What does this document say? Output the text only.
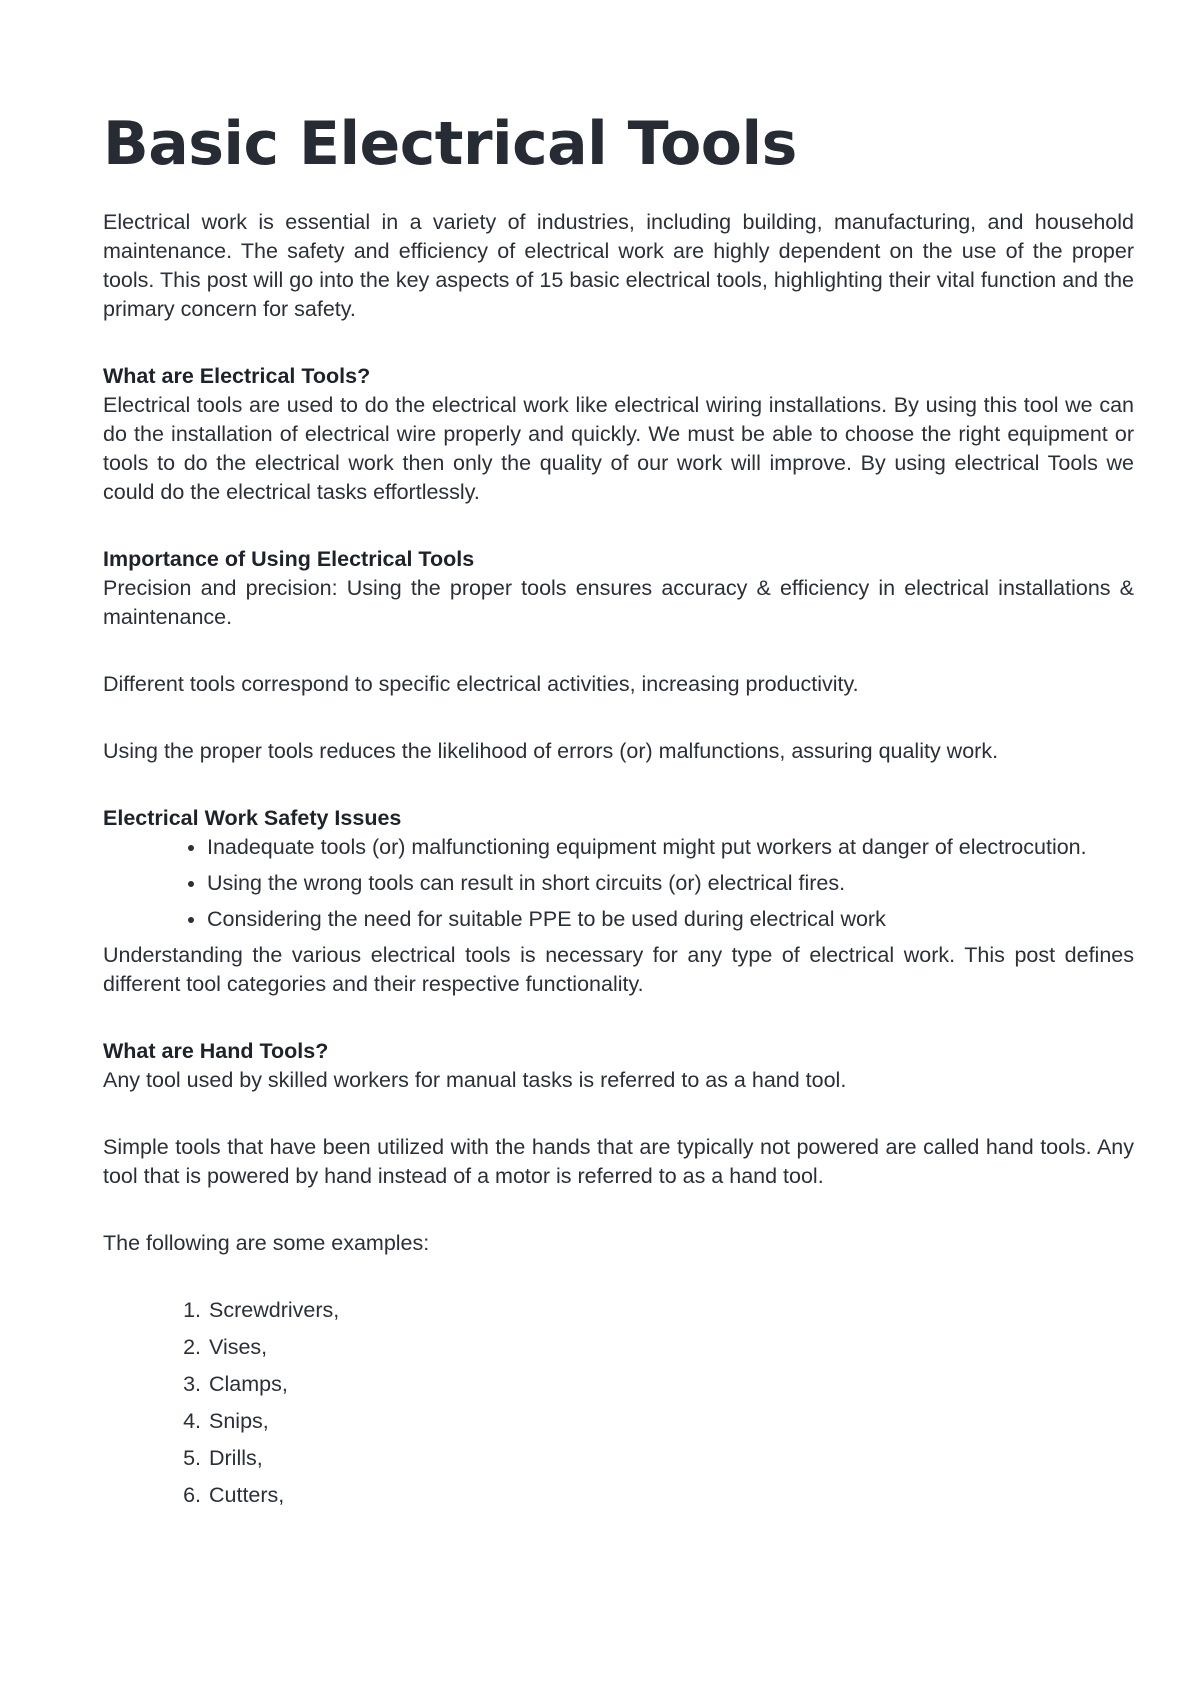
Basic Electrical Tools

Electrical work is essential in a variety of industries, including building, manufacturing, and household maintenance. The safety and efficiency of electrical work are highly dependent on the use of the proper tools. This post will go into the key aspects of 15 basic electrical tools, highlighting their vital function and the primary concern for safety.

What are Electrical Tools?

Electrical tools are used to do the electrical work like electrical wiring installations. By using this tool we can do the installation of electrical wire properly and quickly. We must be able to choose the right equipment or tools to do the electrical work then only the quality of our work will improve. By using electrical Tools we could do the electrical tasks effortlessly.

Importance of Using Electrical Tools

Precision and precision: Using the proper tools ensures accuracy & efficiency in electrical installations & maintenance.

Different tools correspond to specific electrical activities, increasing productivity.

Using the proper tools reduces the likelihood of errors (or) malfunctions, assuring quality work.

Electrical Work Safety Issues
• Inadequate tools (or) malfunctioning equipment might put workers at danger of electrocution.
• Using the wrong tools can result in short circuits (or) electrical fires.
• Considering the need for suitable PPE to be used during electrical work

Understanding the various electrical tools is necessary for any type of electrical work. This post defines different tool categories and their respective functionality.

What are Hand Tools?

Any tool used by skilled workers for manual tasks is referred to as a hand tool.

Simple tools that have been utilized with the hands that are typically not powered are called hand tools. Any tool that is powered by hand instead of a motor is referred to as a hand tool.

The following are some examples:

1. Screwdrivers,
2. Vises,
3. Clamps,
4. Snips,
5. Drills,
6. Cutters,
